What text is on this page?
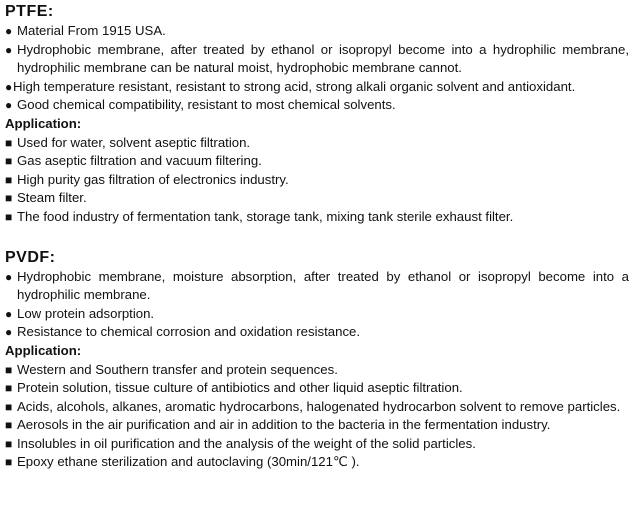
PTFE:
● Material From 1915 USA.
● Hydrophobic membrane, after treated by ethanol or isopropyl become into a hydrophilic membrane, hydrophilic membrane can be natural moist, hydrophobic membrane cannot.
● High temperature resistant, resistant to strong acid, strong alkali organic solvent and antioxidant.
● Good chemical compatibility, resistant to most chemical solvents.

Application:

■ Used for water, solvent aseptic filtration.
■ Gas aseptic filtration and vacuum filtering.
■ High purity gas filtration of electronics industry.
■ Steam filter.
■ The food industry of fermentation tank, storage tank, mixing tank sterile exhaust filter.
PVDF:
● Hydrophobic membrane, moisture absorption, after treated by ethanol or isopropyl become into a hydrophilic membrane.
● Low protein adsorption.
● Resistance to chemical corrosion and oxidation resistance.

Application:

■ Western and Southern transfer and protein sequences.
■ Protein solution, tissue culture of antibiotics and other liquid aseptic filtration.
■ Acids, alcohols, alkanes, aromatic hydrocarbons, halogenated hydrocarbon solvent to remove particles.
■ Aerosols in the air purification and air in addition to the bacteria in the fermentation industry.
■ Insolubles in oil purification and the analysis of the weight of the solid particles.
■ Epoxy ethane sterilization and autoclaving (30min/121℃ ).
